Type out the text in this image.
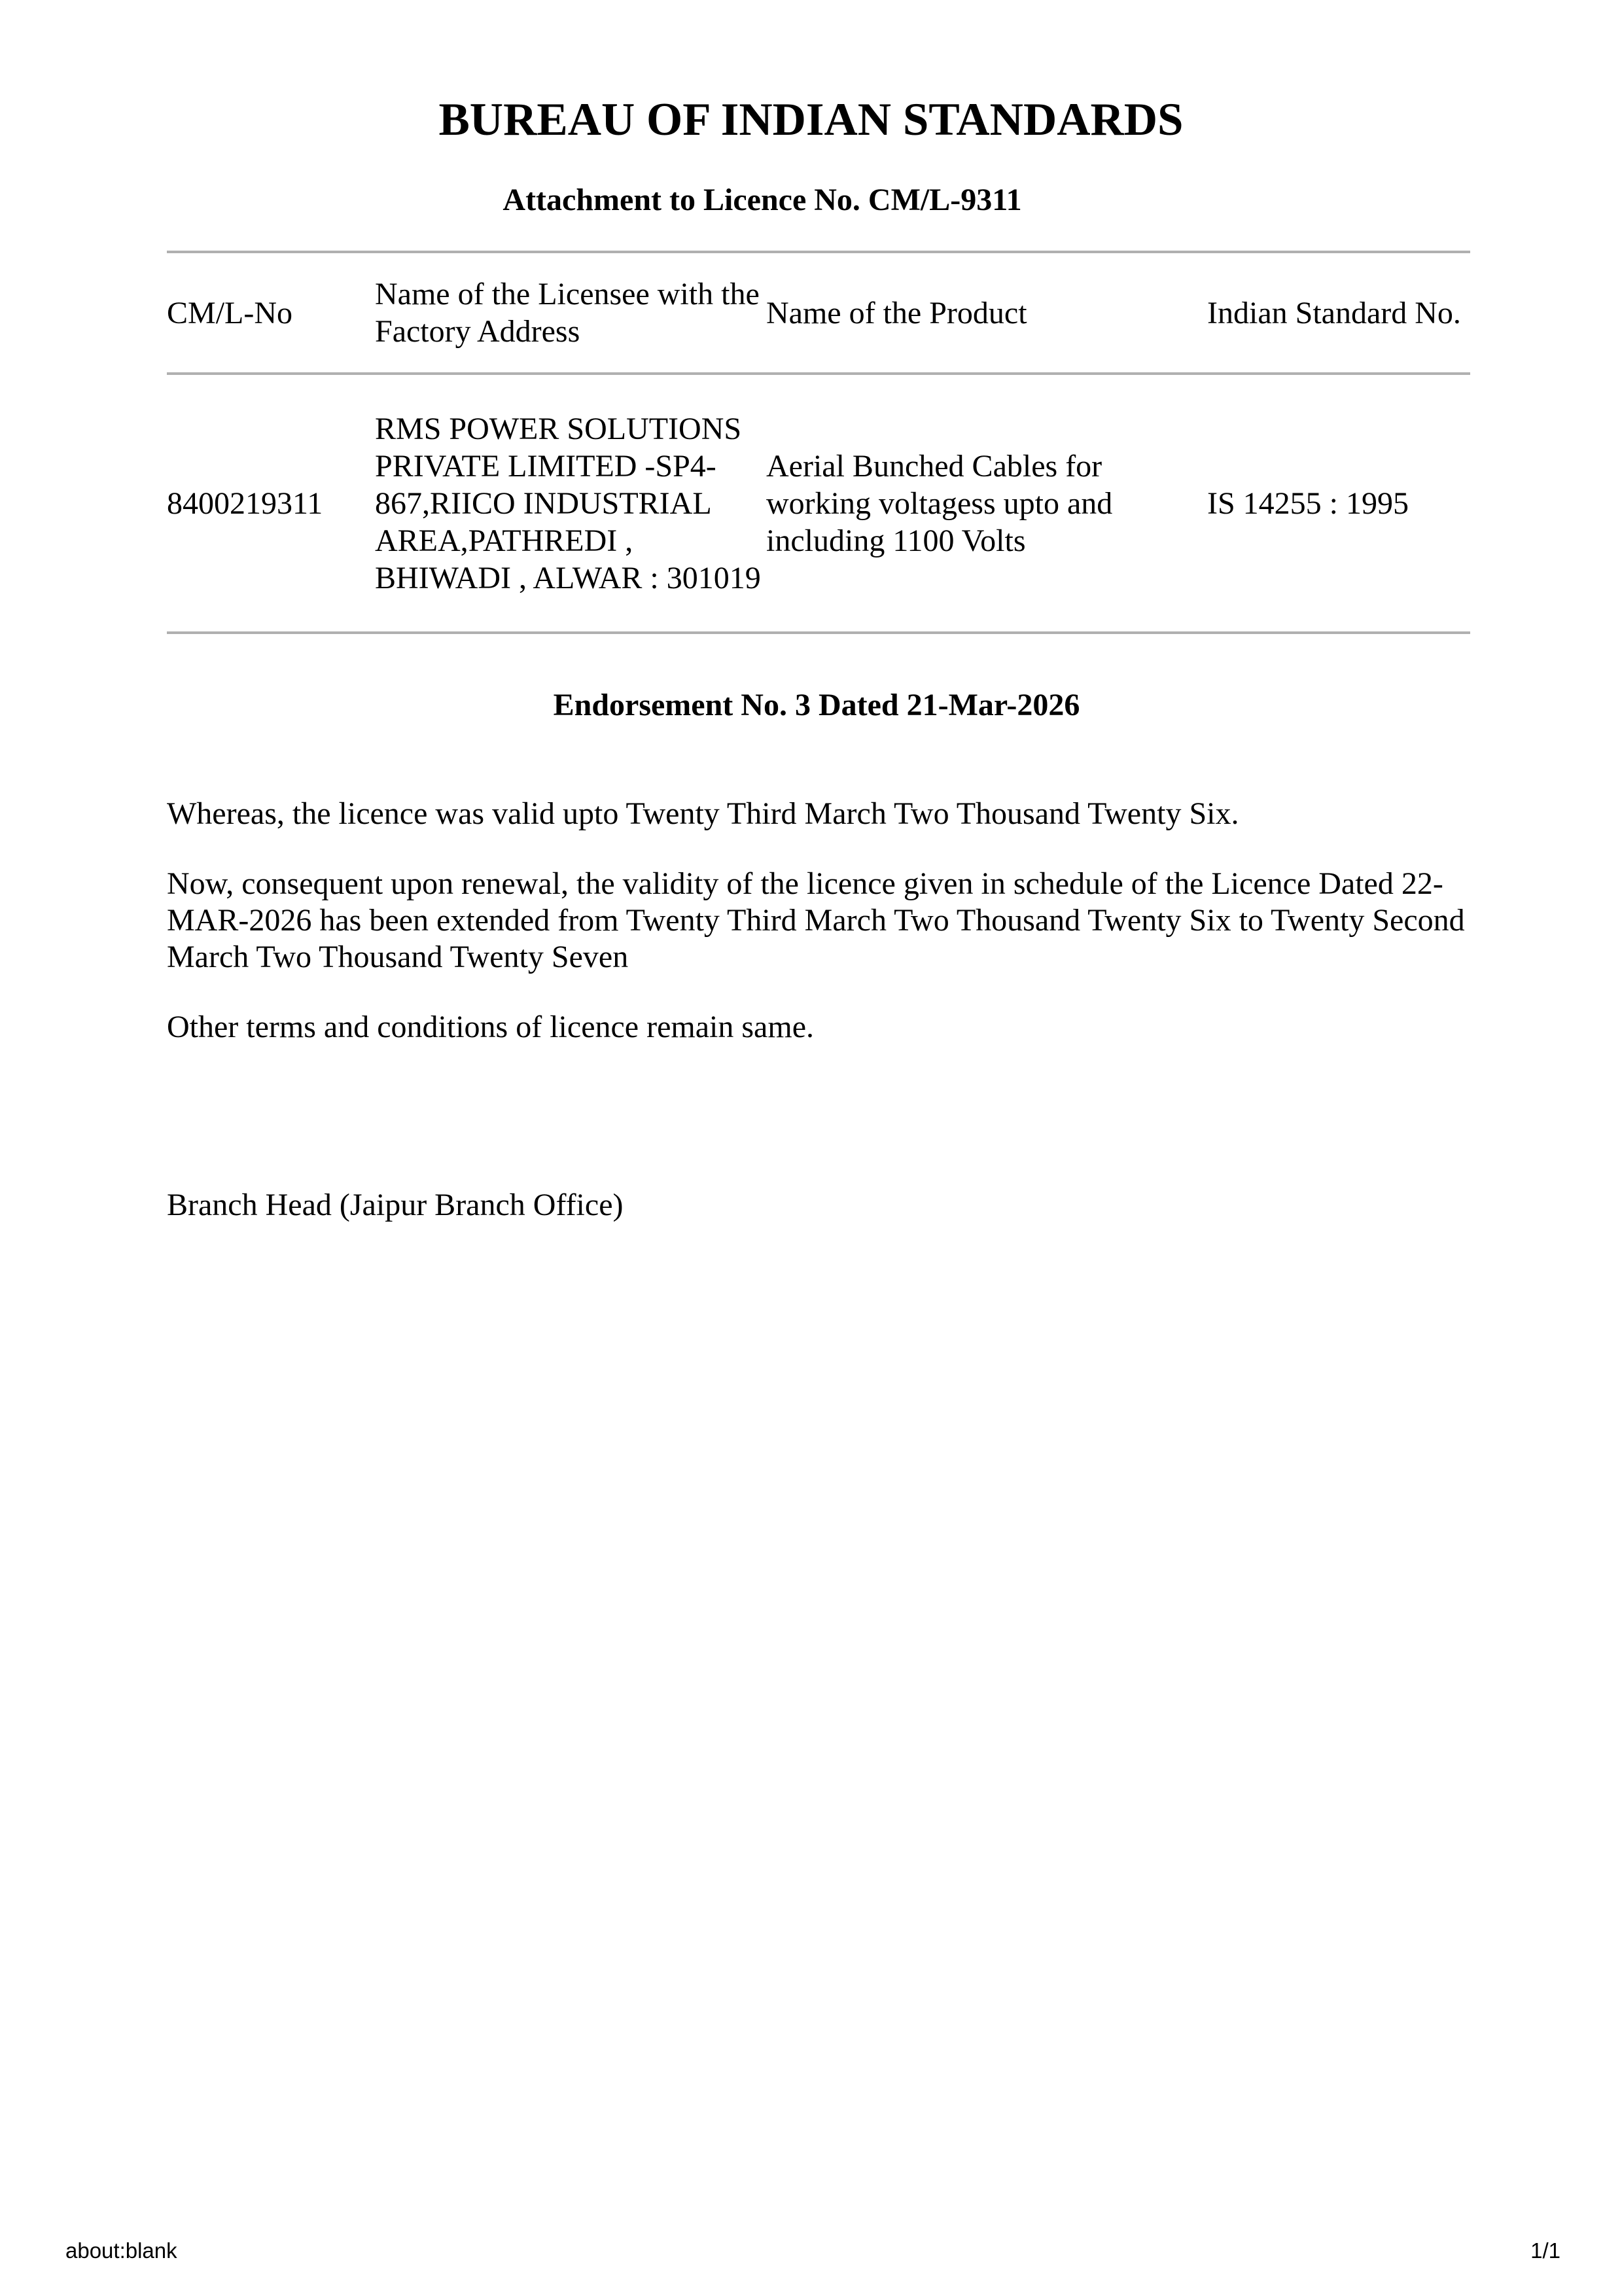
BUREAU OF INDIAN STANDARDS
Attachment to Licence No. CM/L-9311
CM/L-No	Name of the Licensee with the Factory Address	Name of the Product	Indian Standard No.
8400219311	RMS POWER SOLUTIONS PRIVATE LIMITED -SP4-867,RIICO INDUSTRIAL AREA,PATHREDI , BHIWADI , ALWAR : 301019	Aerial Bunched Cables for working voltagess upto and including 1100 Volts	IS 14255 : 1995
Endorsement No. 3 Dated 21-Mar-2026

Whereas, the licence was valid upto Twenty Third March Two Thousand Twenty Six.

Now, consequent upon renewal, the validity of the licence given in schedule of the Licence Dated 22-MAR-2026 has been extended from Twenty Third March Two Thousand Twenty Six to Twenty Second March Two Thousand Twenty Seven

Other terms and conditions of licence remain same.

Branch Head (Jaipur Branch Office)

about:blank	1/1
